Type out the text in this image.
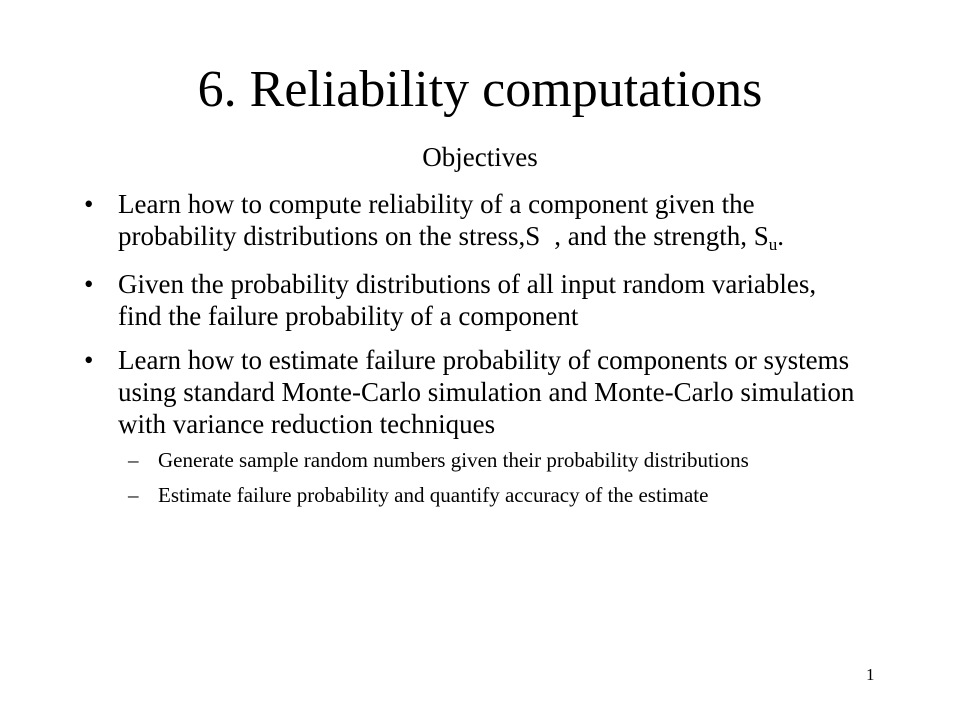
6. Reliability computations
Objectives
• Learn how to compute reliability of a component given the probability distributions on the stress,S , and the strength, Su.
• Given the probability distributions of all input random variables, find the failure probability of a component
• Learn how to estimate failure probability of components or systems using standard Monte-Carlo simulation and Monte-Carlo simulation with variance reduction techniques
– Generate sample random numbers given their probability distributions
– Estimate failure probability and quantify accuracy of the estimate
1
